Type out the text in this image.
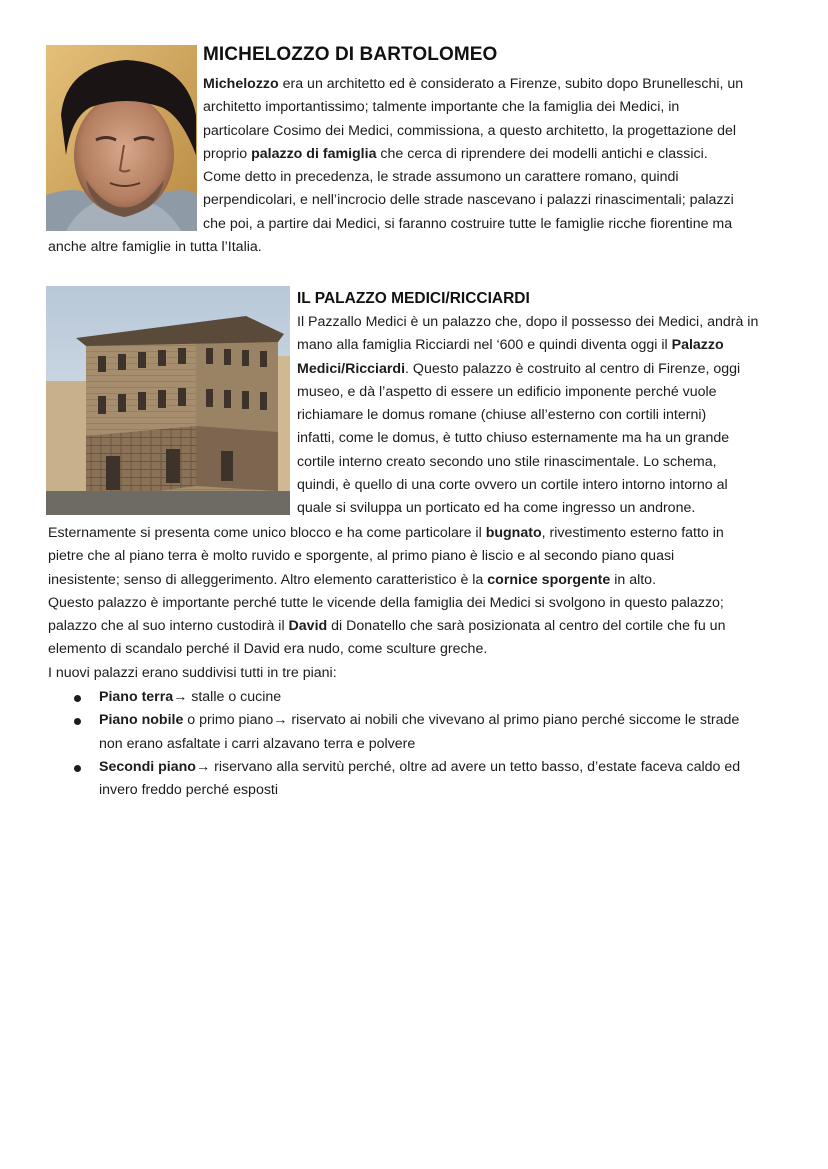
MICHELOZZO DI BARTOLOMEO
Michelozzo era un architetto ed è considerato a Firenze, subito dopo Brunelleschi, un
architetto importantissimo; talmente importante che la famiglia dei Medici, in
particolare Cosimo dei Medici, commissiona, a questo architetto, la progettazione del
proprio palazzo di famiglia che cerca di riprendere dei modelli antichi e classici.
Come detto in precedenza, le strade assumono un carattere romano, quindi
perpendicolari, e nell’incrocio delle strade nascevano i palazzi rinascimentali; palazzi
che poi, a partire dai Medici, si faranno costruire tutte le famiglie ricche fiorentine ma
anche altre famiglie in tutta l’Italia.
IL PALAZZO MEDICI/RICCIARDI
Il Pazzallo Medici è un palazzo che, dopo il possesso dei Medici, andrà in
mano alla famiglia Ricciardi nel ‘600 e quindi diventa oggi il Palazzo
Medici/Ricciardi. Questo palazzo è costruito al centro di Firenze, oggi
museo, e dà l’aspetto di essere un edificio imponente perché vuole
richiamare le domus romane (chiuse all’esterno con cortili interni)
infatti, come le domus, è tutto chiuso esternamente ma ha un grande
cortile interno creato secondo uno stile rinascimentale. Lo schema,
quindi, è quello di una corte ovvero un cortile intero intorno intorno al
quale si sviluppa un porticato ed ha come ingresso un androne.
Esternamente si presenta come unico blocco e ha come particolare il bugnato, rivestimento esterno fatto in
pietre che al piano terra è molto ruvido e sporgente, al primo piano è liscio e al secondo piano quasi
inesistente; senso di alleggerimento. Altro elemento caratteristico è la cornice sporgente in alto.
Questo palazzo è importante perché tutte le vicende della famiglia dei Medici si svolgono in questo palazzo;
palazzo che al suo interno custodirà il David di Donatello che sarà posizionata al centro del cortile che fu un
elemento di scandalo perché il David era nudo, come sculture greche.
I nuovi palazzi erano suddivisi tutti in tre piani:
Piano terra→ stalle o cucine
Piano nobile o primo piano→ riservato ai nobili che vivevano al primo piano perché siccome le strade
non erano asfaltate i carri alzavano terra e polvere
Secondi piano→ riservano alla servitù perché, oltre ad avere un tetto basso, d’estate faceva caldo ed
invero freddo perché esposti
